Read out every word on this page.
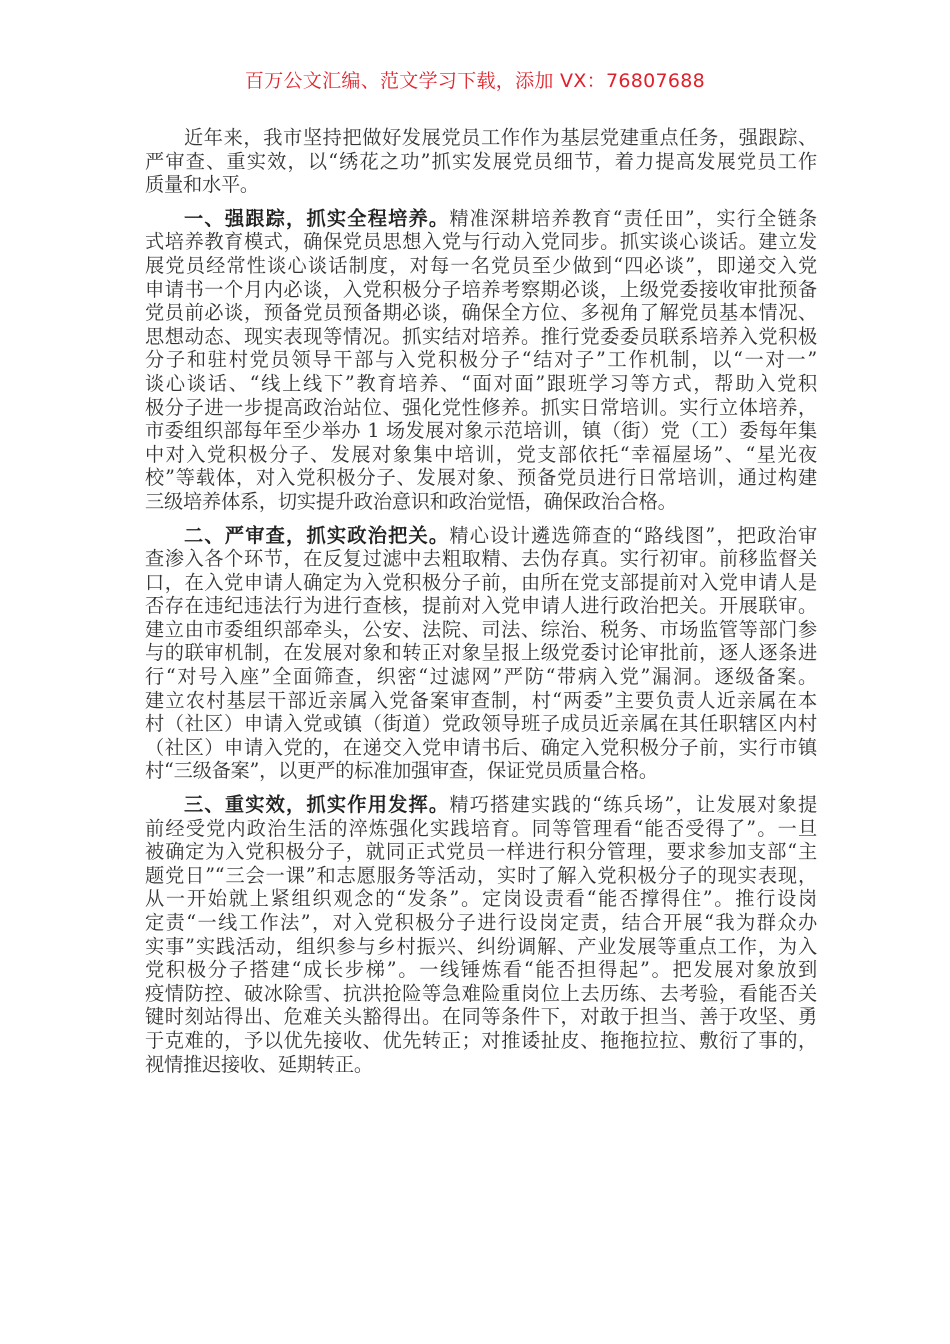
百万公文汇编、范文学习下载，添加 VX：76807688
近年来，我市坚持把做好发展党员工作作为基层党建重点任务，强跟踪、
严审查、重实效，以“绣花之功”抓实发展党员细节，着力提高发展党员工作
质量和水平。
一、强跟踪，抓实全程培养。精准深耕培养教育“责任田”，实行全链条
式培养教育模式，确保党员思想入党与行动入党同步。抓实谈心谈话。建立发
展党员经常性谈心谈话制度，对每一名党员至少做到“四必谈”，即递交入党
申请书一个月内必谈，入党积极分子培养考察期必谈，上级党委接收审批预备
党员前必谈，预备党员预备期必谈，确保全方位、多视角了解党员基本情况、
思想动态、现实表现等情况。抓实结对培养。推行党委委员联系培养入党积极
分子和驻村党员领导干部与入党积极分子“结对子”工作机制，以“一对一”
谈心谈话、“线上线下”教育培养、“面对面”跟班学习等方式，帮助入党积
极分子进一步提高政治站位、强化党性修养。抓实日常培训。实行立体培养，
市委组织部每年至少举办 1 场发展对象示范培训，镇（街）党（工）委每年集
中对入党积极分子、发展对象集中培训，党支部依托“幸福屋场”、“星光夜
校”等载体，对入党积极分子、发展对象、预备党员进行日常培训，通过构建
三级培养体系，切实提升政治意识和政治觉悟，确保政治合格。
二、严审查，抓实政治把关。精心设计遴选筛查的“路线图”，把政治审
查渗入各个环节，在反复过滤中去粗取精、去伪存真。实行初审。前移监督关
口，在入党申请人确定为入党积极分子前，由所在党支部提前对入党申请人是
否存在违纪违法行为进行查核，提前对入党申请人进行政治把关。开展联审。
建立由市委组织部牵头，公安、法院、司法、综治、税务、市场监管等部门参
与的联审机制，在发展对象和转正对象呈报上级党委讨论审批前，逐人逐条进
行“对号入座”全面筛查，织密“过滤网”严防“带病入党”漏洞。逐级备案。
建立农村基层干部近亲属入党备案审查制，村“两委”主要负责人近亲属在本
村（社区）申请入党或镇（街道）党政领导班子成员近亲属在其任职辖区内村
（社区）申请入党的，在递交入党申请书后、确定入党积极分子前，实行市镇
村“三级备案”，以更严的标准加强审查，保证党员质量合格。
三、重实效，抓实作用发挥。精巧搭建实践的“练兵场”，让发展对象提
前经受党内政治生活的淬炼强化实践培育。同等管理看“能否受得了”。一旦
被确定为入党积极分子，就同正式党员一样进行积分管理，要求参加支部“主
题党日”“三会一课”和志愿服务等活动，实时了解入党积极分子的现实表现，
从一开始就上紧组织观念的“发条”。定岗设责看“能否撑得住”。推行设岗
定责“一线工作法”，对入党积极分子进行设岗定责，结合开展“我为群众办
实事”实践活动，组织参与乡村振兴、纠纷调解、产业发展等重点工作，为入
党积极分子搭建“成长步梯”。一线锤炼看“能否担得起”。把发展对象放到
疫情防控、破冰除雪、抗洪抢险等急难险重岗位上去历练、去考验，看能否关
键时刻站得出、危难关头豁得出。在同等条件下，对敢于担当、善于攻坚、勇
于克难的，予以优先接收、优先转正；对推诿扯皮、拖拖拉拉、敷衍了事的，
视情推迟接收、延期转正。
